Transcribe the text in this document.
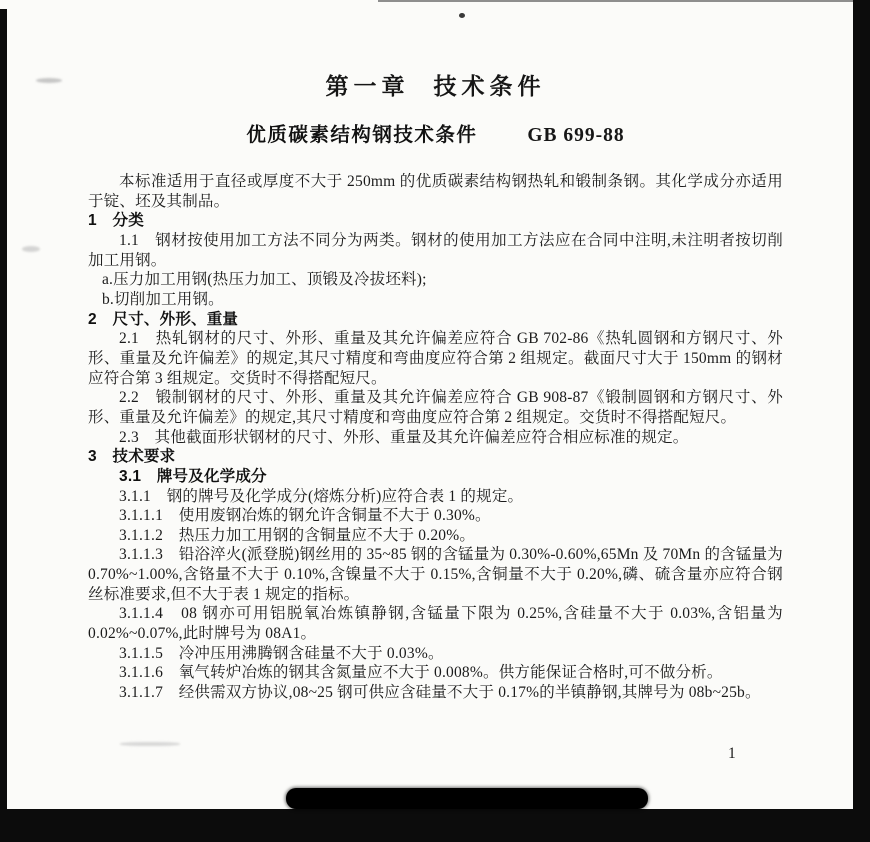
第一章 技术条件
优质碳素结构钢技术条件	GB 699-88

本标准适用于直径或厚度不大于 250mm 的优质碳素结构钢热轧和锻制条钢。其化学成分亦适用于锭、坯及其制品。

1　分类

1.1　钢材按使用加工方法不同分为两类。钢材的使用加工方法应在合同中注明,未注明者按切削加工用钢。

a.压力加工用钢(热压力加工、顶锻及冷拔坯料);

b.切削加工用钢。

2　尺寸、外形、重量

2.1　热轧钢材的尺寸、外形、重量及其允许偏差应符合 GB 702-86《热轧圆钢和方钢尺寸、外形、重量及允许偏差》的规定,其尺寸精度和弯曲度应符合第 2 组规定。截面尺寸大于 150mm 的钢材应符合第 3 组规定。交货时不得搭配短尺。

2.2　锻制钢材的尺寸、外形、重量及其允许偏差应符合 GB 908-87《锻制圆钢和方钢尺寸、外形、重量及允许偏差》的规定,其尺寸精度和弯曲度应符合第 2 组规定。交货时不得搭配短尺。

2.3　其他截面形状钢材的尺寸、外形、重量及其允许偏差应符合相应标准的规定。

3　技术要求

3.1　牌号及化学成分

3.1.1　钢的牌号及化学成分(熔炼分析)应符合表 1 的规定。

3.1.1.1　使用废钢冶炼的钢允许含铜量不大于 0.30%。

3.1.1.2　热压力加工用钢的含铜量应不大于 0.20%。

3.1.1.3　铅浴淬火(派登脱)钢丝用的 35~85 钢的含锰量为 0.30%-0.60%,65Mn 及 70Mn 的含锰量为 0.70%~1.00%,含铬量不大于 0.10%,含镍量不大于 0.15%,含铜量不大于 0.20%,磷、硫含量亦应符合钢丝标准要求,但不大于表 1 规定的指标。

3.1.1.4　08 钢亦可用铝脱氧冶炼镇静钢,含锰量下限为 0.25%,含硅量不大于 0.03%,含铝量为 0.02%~0.07%,此时牌号为 08A1。

3.1.1.5　冷冲压用沸腾钢含硅量不大于 0.03%。

3.1.1.6　氧气转炉冶炼的钢其含氮量应不大于 0.008%。供方能保证合格时,可不做分析。

3.1.1.7　经供需双方协议,08~25 钢可供应含硅量不大于 0.17%的半镇静钢,其牌号为 08b~25b。

1
